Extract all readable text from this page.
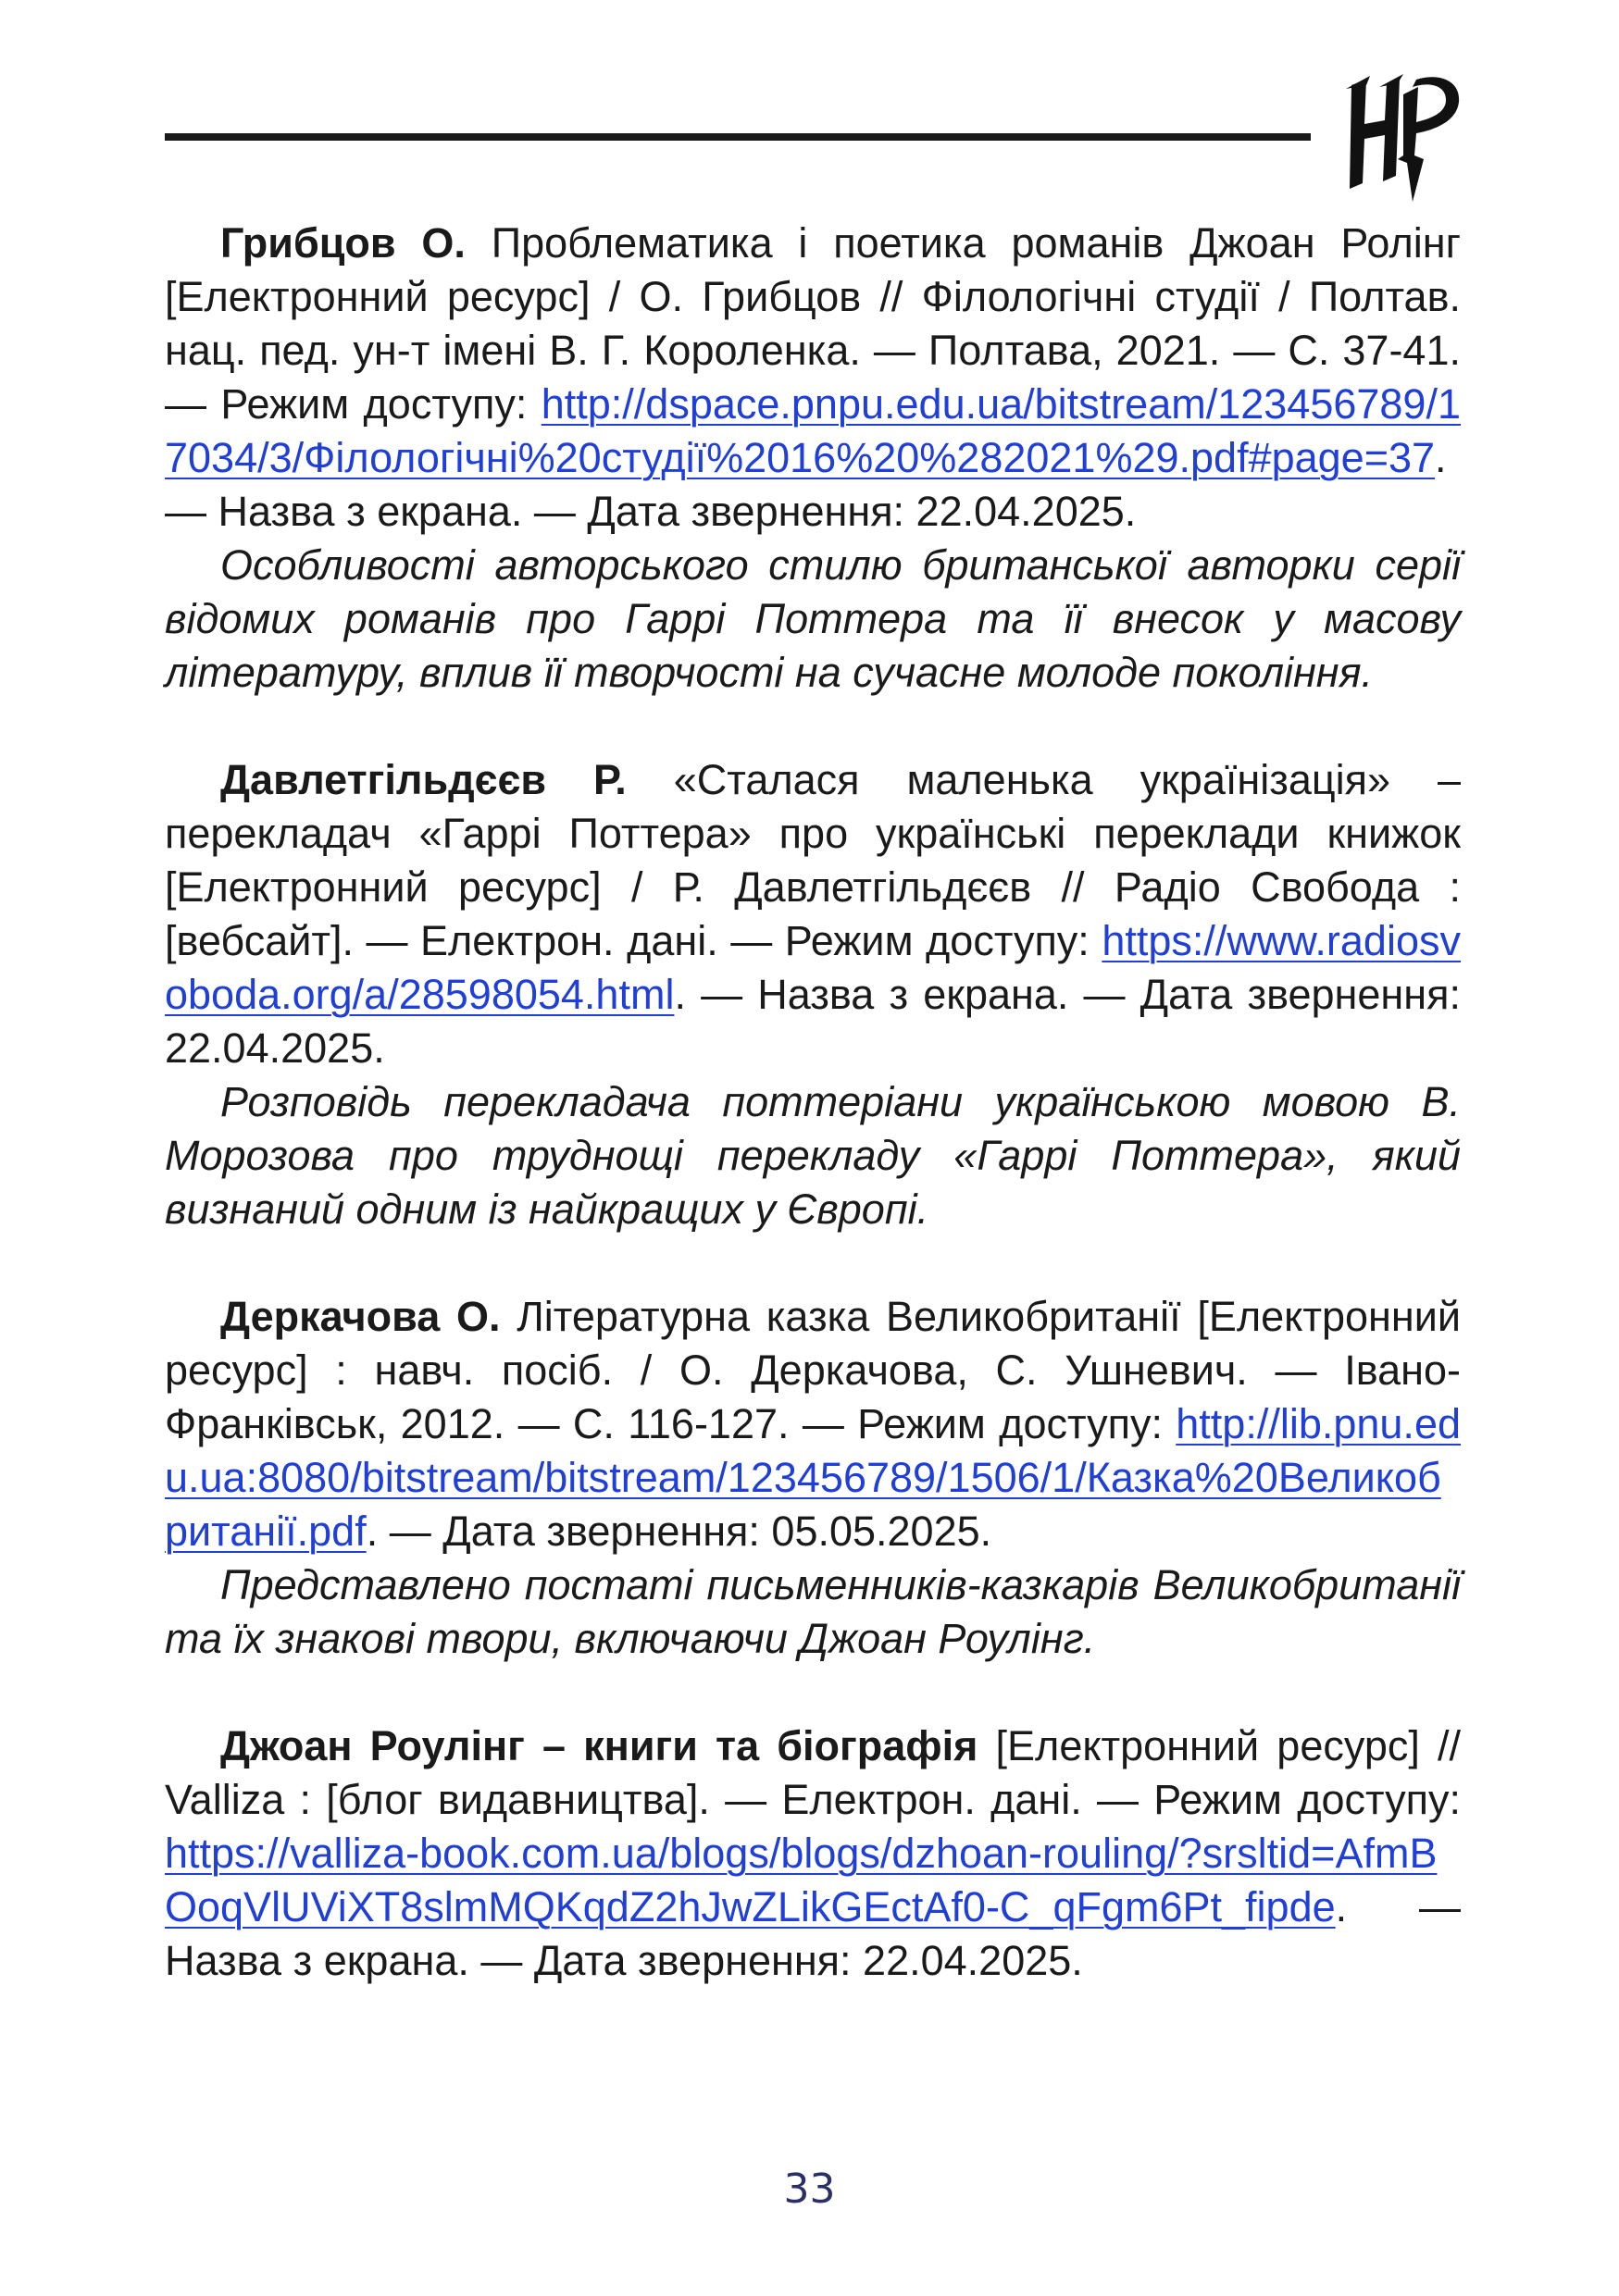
Грибцов О. Проблематика і поетика романів Джоан Ролінг [Електронний ресурс] / О. Грибцов // Філологічні студії / Полтав. нац. пед. ун-т імені В. Г. Короленка. — Полтава, 2021. — С. 37-41. — Режим доступу: http://dspace.pnpu.edu.ua/bitstream/123456789/17034/3/Філологічні%20студії%2016%20%282021%29.pdf#page=37. — Назва з екрана. — Дата звернення: 22.04.2025.

Особливості авторського стилю британської авторки серії відомих романів про Гаррі Поттера та її внесок у масову літературу, вплив її творчості на сучасне молоде покоління.

Давлетгільдєєв Р. «Сталася маленька українізація» – перекладач «Гаррі Поттера» про українські переклади книжок [Електронний ресурс] / Р. Давлетгільдєєв // Радіо Свобода : [вебсайт]. — Електрон. дані. — Режим доступу: https://www.radiosvoboda.org/a/28598054.html. — Назва з екрана. — Дата звернення: 22.04.2025.

Розповідь перекладача поттеріани українською мовою В. Морозова про труднощі перекладу «Гаррі Поттера», який визнаний одним із найкращих у Європі.

Деркачова О. Літературна казка Великобританії [Електронний ресурс] : навч. посіб. / О. Деркачова, С. Ушневич. — Івано-Франківськ, 2012. — С. 116-127. — Режим доступу: http://lib.pnu.edu.ua:8080/bitstream/bitstream/123456789/1506/1/Казка%20Великобританії.pdf. — Дата звернення: 05.05.2025.

Представлено постаті письменників-казкарів Великобританії та їх знакові твори, включаючи Джоан Роулінг.

Джоан Роулінг – книги та біографія [Електронний ресурс] // Valliza : [блог видавництва]. — Електрон. дані. — Режим доступу: https://valliza-book.com.ua/blogs/blogs/dzhoan-rouling/?srsltid=AfmBOoqVlUViXT8slmMQKqdZ2hJwZLikGEctAf0-C_qFgm6Pt_fipde. — Назва з екрана. — Дата звернення: 22.04.2025.

33
